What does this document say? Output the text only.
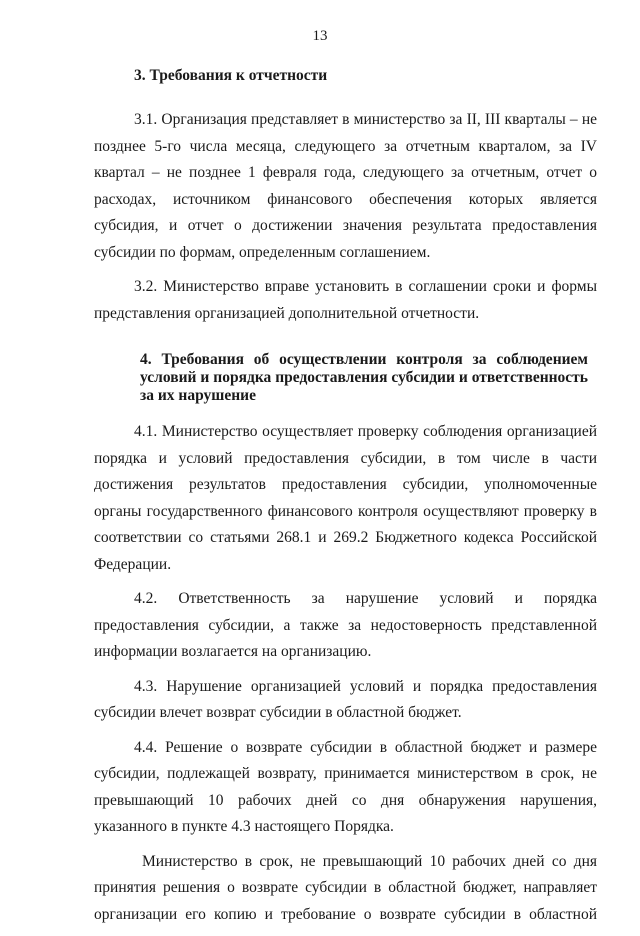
13

3. Требования к отчетности

3.1. Организация представляет в министерство за II, III кварталы – не позднее 5-го числа месяца, следующего за отчетным кварталом, за IV квартал – не позднее 1 февраля года, следующего за отчетным, отчет о расходах, источником финансового обеспечения которых является субсидия, и отчет о достижении значения результата предоставления субсидии по формам, определенным соглашением.

3.2. Министерство вправе установить в соглашении сроки и формы представления организацией дополнительной отчетности.

4. Требования об осуществлении контроля за соблюдением условий и порядка предоставления субсидии и ответственность за их нарушение

4.1. Министерство осуществляет проверку соблюдения организацией порядка и условий предоставления субсидии, в том числе в части достижения результатов предоставления субсидии, уполномоченные органы государственного финансового контроля осуществляют проверку в соответствии со статьями 268.1 и 269.2 Бюджетного кодекса Российской Федерации.

4.2. Ответственность за нарушение условий и порядка предоставления субсидии, а также за недостоверность представленной информации возлагается на организацию.

4.3. Нарушение организацией условий и порядка предоставления субсидии влечет возврат субсидии в областной бюджет.

4.4. Решение о возврате субсидии в областной бюджет и размере субсидии, подлежащей возврату, принимается министерством в срок, не превышающий 10 рабочих дней со дня обнаружения нарушения, указанного в пункте 4.3 настоящего Порядка.

Министерство в срок, не превышающий 10 рабочих дней со дня принятия решения о возврате субсидии в областной бюджет, направляет организации его копию и требование о возврате субсидии в областной
